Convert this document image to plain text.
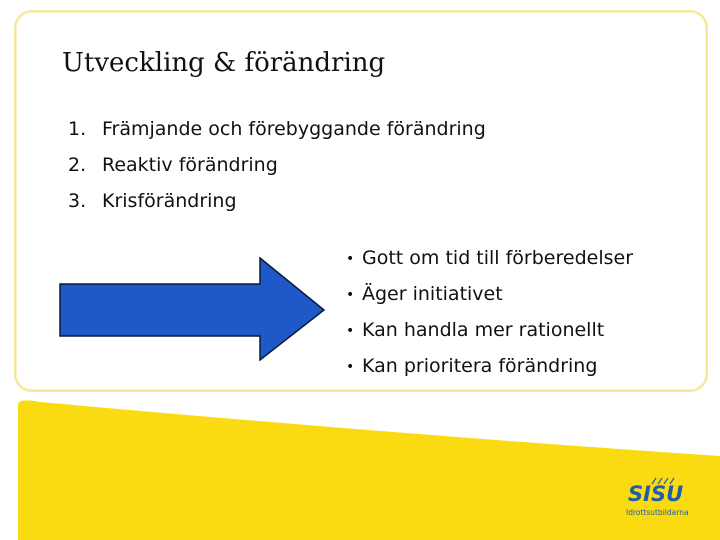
Utveckling & förändring
1. Främjande och förebyggande förändring
2. Reaktiv förändring
3. Krisförändring
• Gott om tid till förberedelser
• Äger initiativet
• Kan handla mer rationellt
• Kan prioritera förändring
SISU
Idrottsutbildarna
